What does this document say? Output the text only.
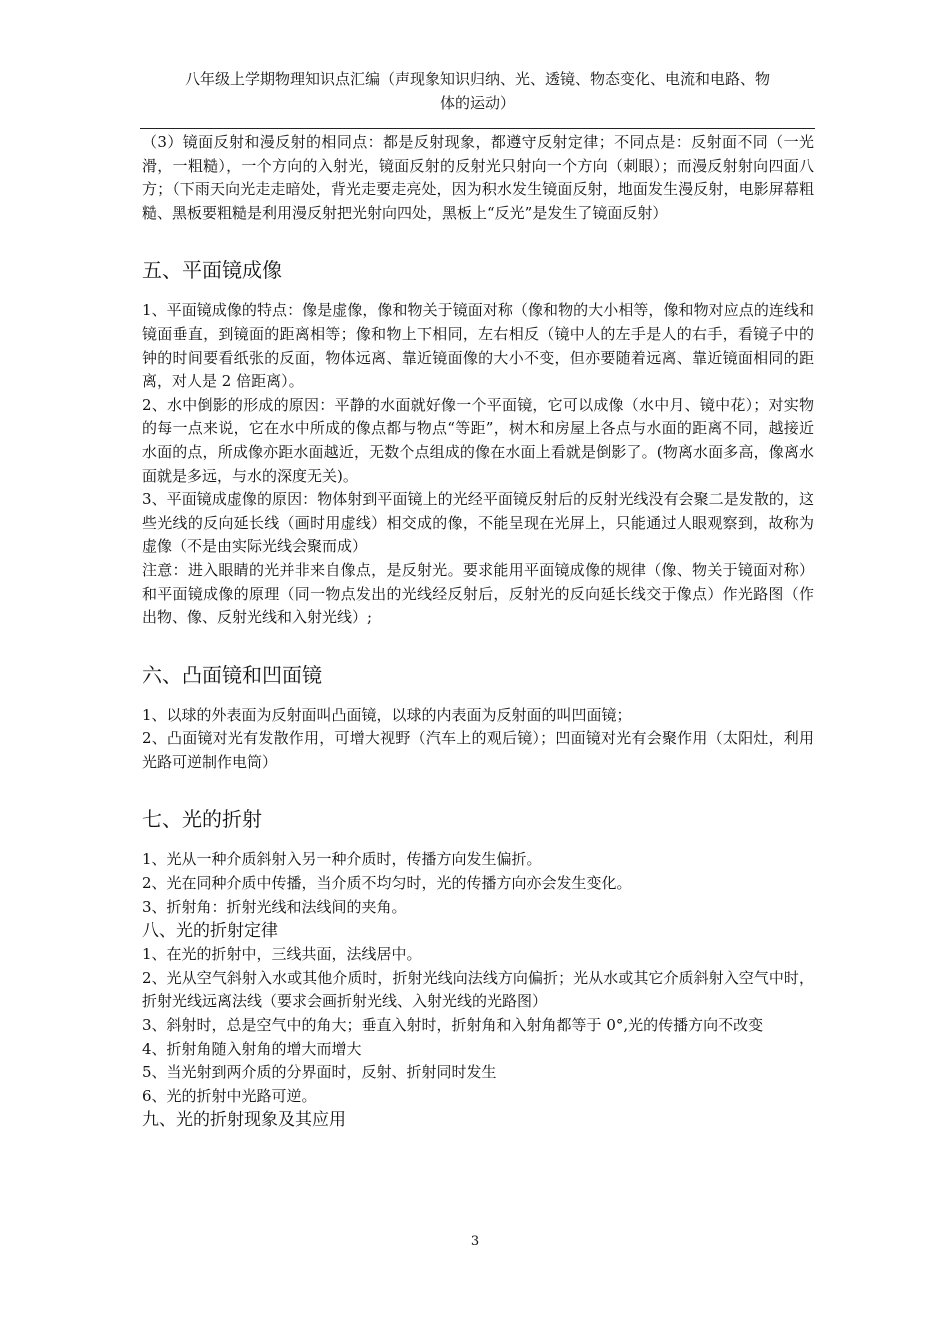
八年级上学期物理知识点汇编（声现象知识归纳、光、透镜、物态变化、电流和电路、物
体的运动）

（3）镜面反射和漫反射的相同点：都是反射现象，都遵守反射定律；不同点是：反射面不同（一光滑，一粗糙），一个方向的入射光，镜面反射的反射光只射向一个方向（刺眼）；而漫反射射向四面八方；（下雨天向光走走暗处，背光走要走亮处，因为积水发生镜面反射，地面发生漫反射，电影屏幕粗糙、黑板要粗糙是利用漫反射把光射向四处，黑板上“反光”是发生了镜面反射）

五、平面镜成像

1、平面镜成像的特点：像是虚像，像和物关于镜面对称（像和物的大小相等，像和物对应点的连线和镜面垂直，到镜面的距离相等；像和物上下相同，左右相反（镜中人的左手是人的右手，看镜子中的钟的时间要看纸张的反面，物体远离、靠近镜面像的大小不变，但亦要随着远离、靠近镜面相同的距离，对人是 2 倍距离）。

2、水中倒影的形成的原因：平静的水面就好像一个平面镜，它可以成像（水中月、镜中花）；对实物的每一点来说，它在水中所成的像点都与物点“等距”，树木和房屋上各点与水面的距离不同，越接近水面的点，所成像亦距水面越近，无数个点组成的像在水面上看就是倒影了。(物离水面多高，像离水面就是多远，与水的深度无关)。

3、平面镜成虚像的原因：物体射到平面镜上的光经平面镜反射后的反射光线没有会聚二是发散的，这些光线的反向延长线（画时用虚线）相交成的像，不能呈现在光屏上，只能通过人眼观察到，故称为虚像（不是由实际光线会聚而成）

注意：进入眼睛的光并非来自像点，是反射光。要求能用平面镜成像的规律（像、物关于镜面对称）和平面镜成像的原理（同一物点发出的光线经反射后，反射光的反向延长线交于像点）作光路图（作出物、像、反射光线和入射光线）;

六、凸面镜和凹面镜

1、以球的外表面为反射面叫凸面镜，以球的内表面为反射面的叫凹面镜；

2、凸面镜对光有发散作用，可增大视野（汽车上的观后镜）；凹面镜对光有会聚作用（太阳灶，利用光路可逆制作电筒）

七、光的折射

1、光从一种介质斜射入另一种介质时，传播方向发生偏折。

2、光在同种介质中传播，当介质不均匀时，光的传播方向亦会发生变化。

3、折射角：折射光线和法线间的夹角。

八、光的折射定律

1、在光的折射中，三线共面，法线居中。

2、光从空气斜射入水或其他介质时，折射光线向法线方向偏折；光从水或其它介质斜射入空气中时，折射光线远离法线（要求会画折射光线、入射光线的光路图）

3、斜射时，总是空气中的角大；垂直入射时，折射角和入射角都等于 0°,光的传播方向不改变

4、折射角随入射角的增大而增大

5、当光射到两介质的分界面时，反射、折射同时发生

6、光的折射中光路可逆。

九、光的折射现象及其应用
3
